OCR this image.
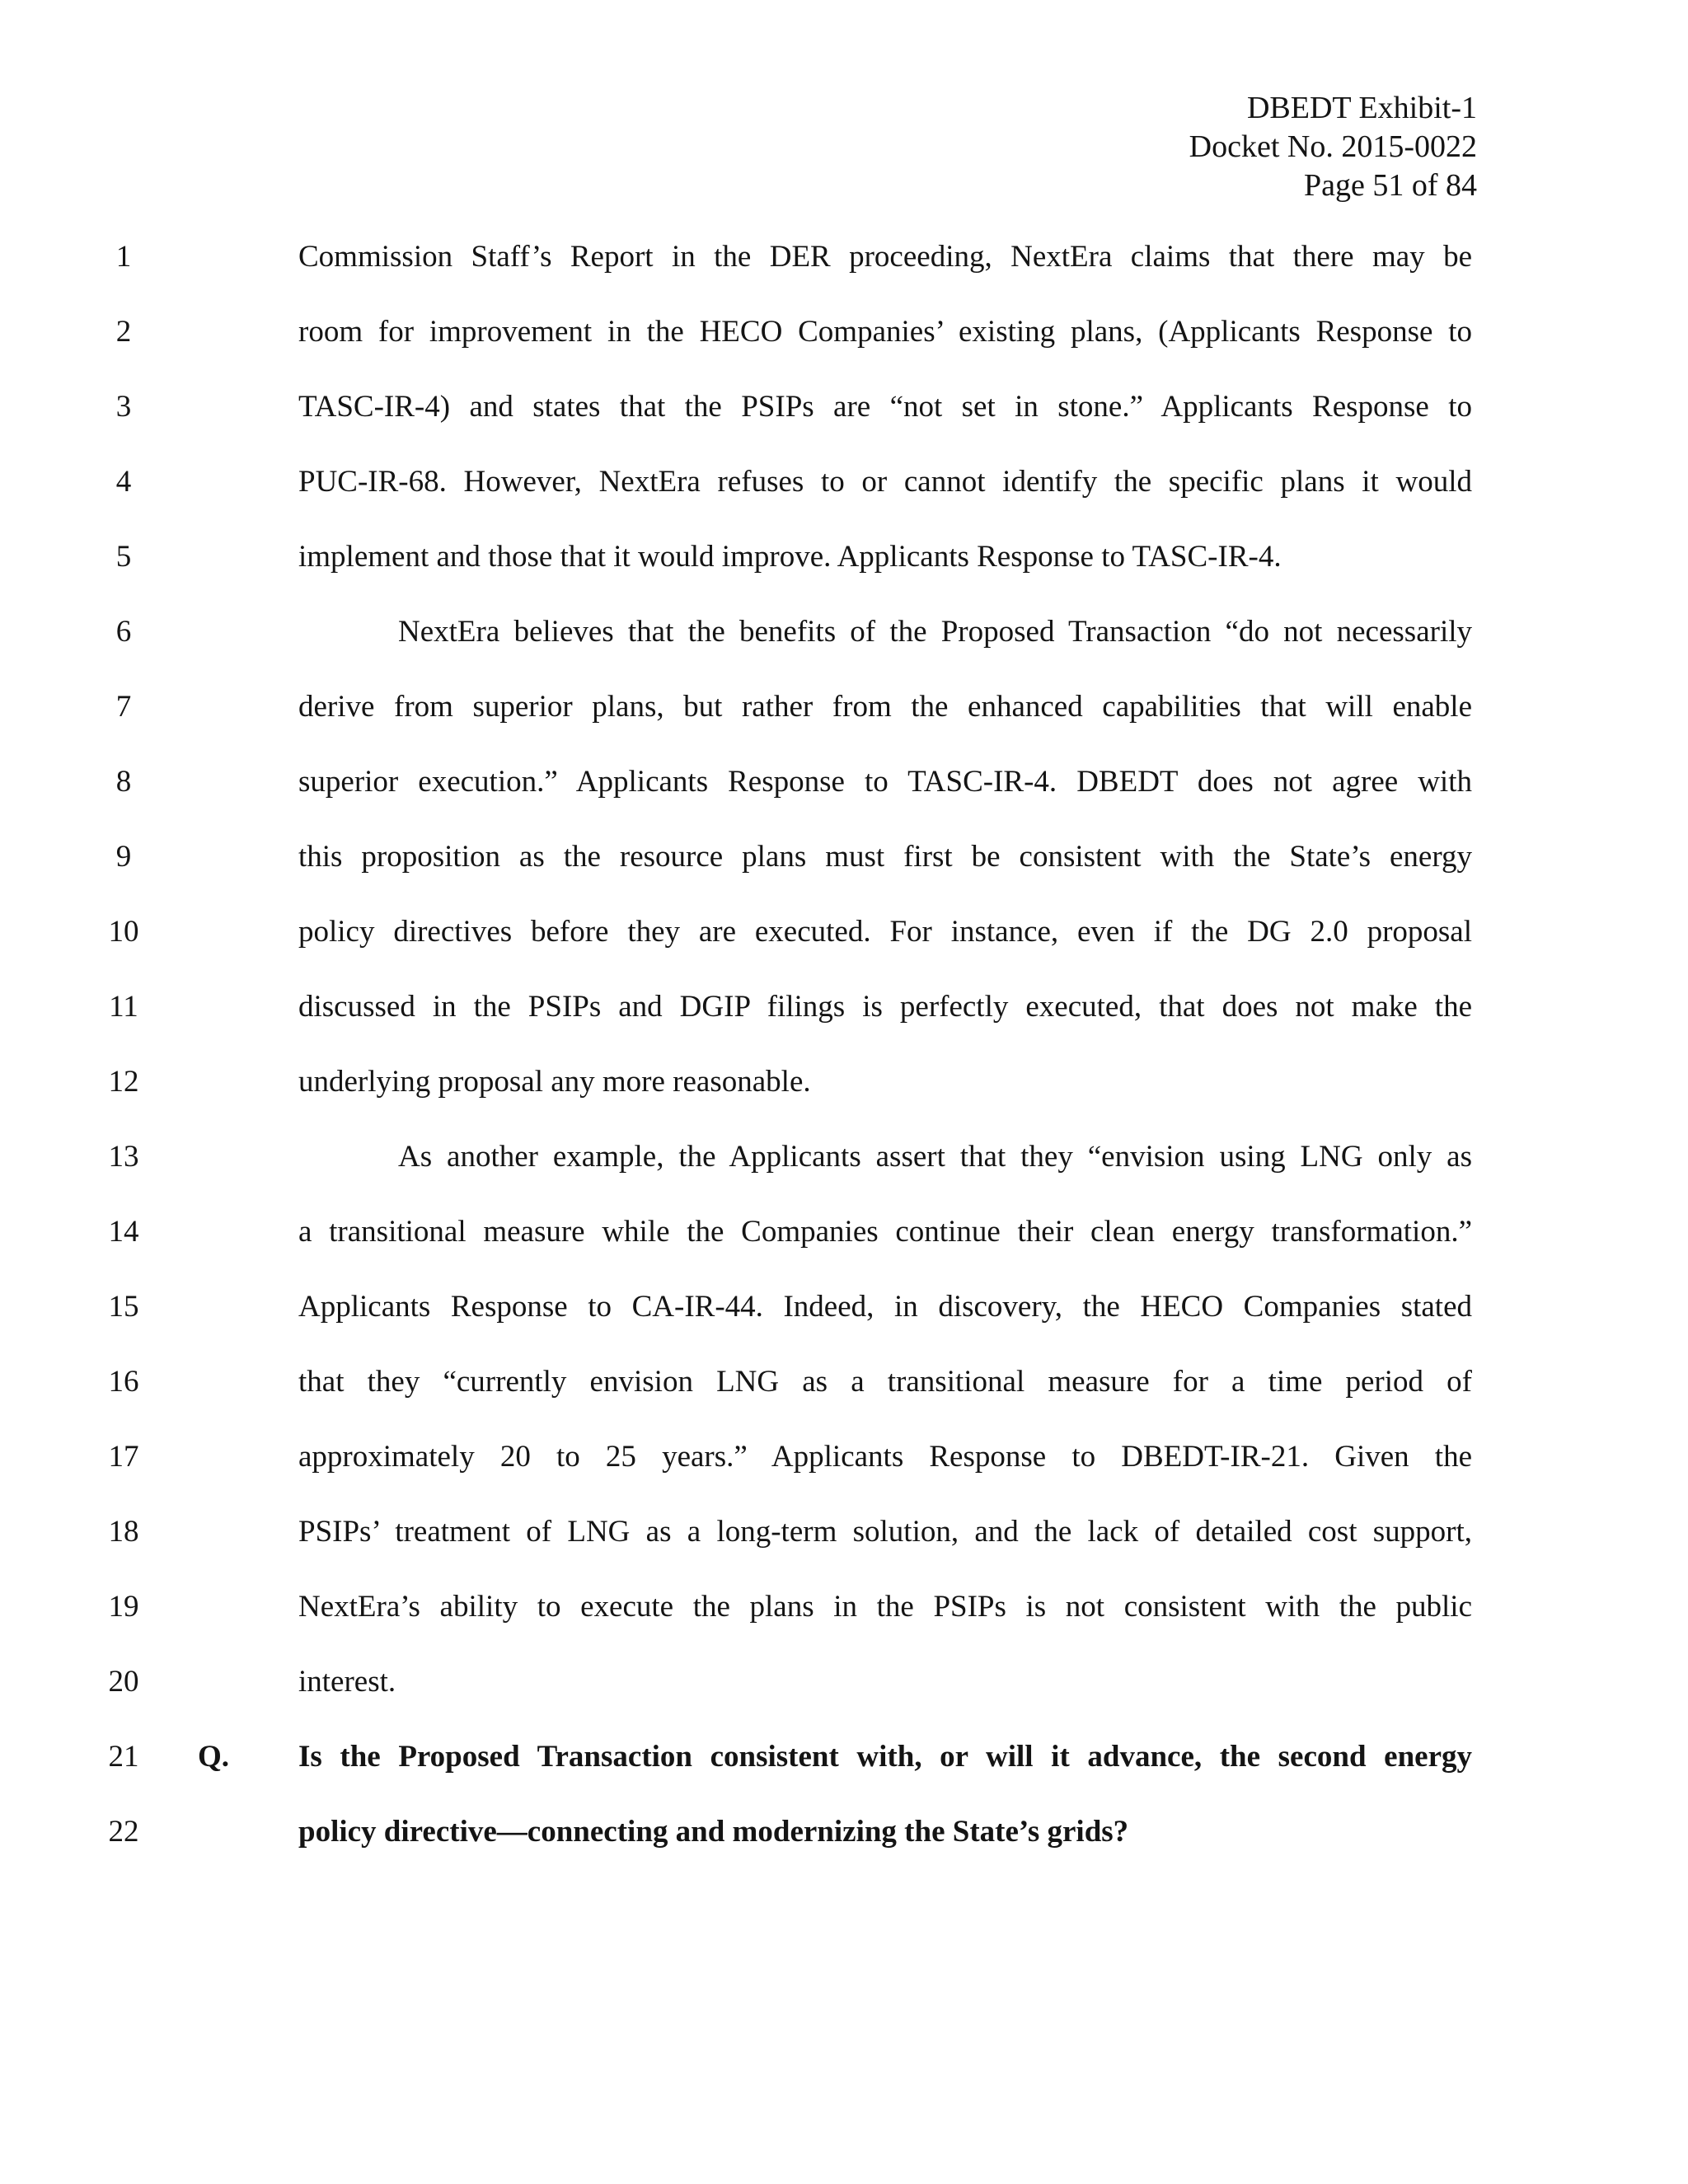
DBEDT Exhibit-1
Docket No. 2015-0022
Page 51 of 84
1	Commission Staff’s Report in the DER proceeding, NextEra claims that there may be
2	room for improvement in the HECO Companies’ existing plans, (Applicants Response to
3	TASC-IR-4) and states that the PSIPs are “not set in stone.” Applicants Response to
4	PUC-IR-68. However, NextEra refuses to or cannot identify the specific plans it would
5	implement and those that it would improve. Applicants Response to TASC-IR-4.
6	NextEra believes that the benefits of the Proposed Transaction “do not necessarily
7	derive from superior plans, but rather from the enhanced capabilities that will enable
8	superior execution.” Applicants Response to TASC-IR-4. DBEDT does not agree with
9	this proposition as the resource plans must first be consistent with the State’s energy
10	policy directives before they are executed. For instance, even if the DG 2.0 proposal
11	discussed in the PSIPs and DGIP filings is perfectly executed, that does not make the
12	underlying proposal any more reasonable.
13	As another example, the Applicants assert that they “envision using LNG only as
14	a transitional measure while the Companies continue their clean energy transformation.”
15	Applicants Response to CA-IR-44. Indeed, in discovery, the HECO Companies stated
16	that they “currently envision LNG as a transitional measure for a time period of
17	approximately 20 to 25 years.” Applicants Response to DBEDT-IR-21. Given the
18	PSIPs’ treatment of LNG as a long-term solution, and the lack of detailed cost support,
19	NextEra’s ability to execute the plans in the PSIPs is not consistent with the public
20	interest.
21	Q. Is the Proposed Transaction consistent with, or will it advance, the second energy
22	policy directive—connecting and modernizing the State’s grids?
